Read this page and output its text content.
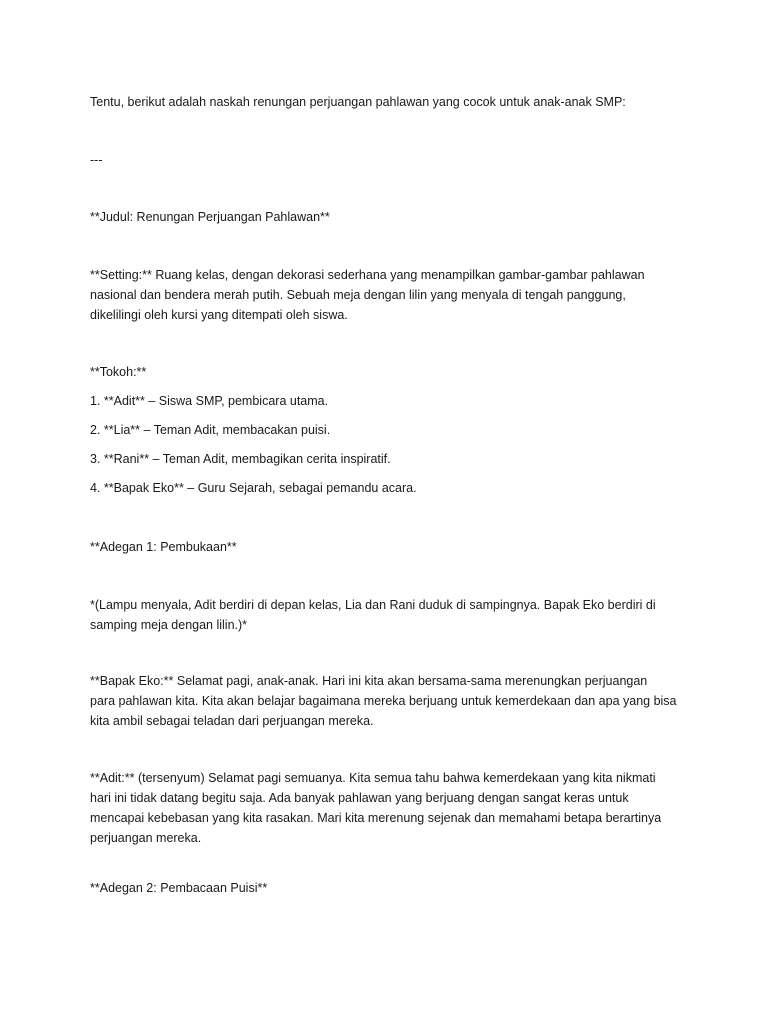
Tentu, berikut adalah naskah renungan perjuangan pahlawan yang cocok untuk anak-anak SMP:

---

**Judul: Renungan Perjuangan Pahlawan**

**Setting:** Ruang kelas, dengan dekorasi sederhana yang menampilkan gambar-gambar pahlawan
nasional dan bendera merah putih. Sebuah meja dengan lilin yang menyala di tengah panggung,
dikelilingi oleh kursi yang ditempati oleh siswa.

**Tokoh:**

1. **Adit** – Siswa SMP, pembicara utama.

2. **Lia** – Teman Adit, membacakan puisi.

3. **Rani** – Teman Adit, membagikan cerita inspiratif.

4. **Bapak Eko** – Guru Sejarah, sebagai pemandu acara.

**Adegan 1: Pembukaan**

*(Lampu menyala, Adit berdiri di depan kelas, Lia dan Rani duduk di sampingnya. Bapak Eko berdiri di
samping meja dengan lilin.)*

**Bapak Eko:** Selamat pagi, anak-anak. Hari ini kita akan bersama-sama merenungkan perjuangan
para pahlawan kita. Kita akan belajar bagaimana mereka berjuang untuk kemerdekaan dan apa yang bisa
kita ambil sebagai teladan dari perjuangan mereka.

**Adit:** (tersenyum) Selamat pagi semuanya. Kita semua tahu bahwa kemerdekaan yang kita nikmati
hari ini tidak datang begitu saja. Ada banyak pahlawan yang berjuang dengan sangat keras untuk
mencapai kebebasan yang kita rasakan. Mari kita merenung sejenak dan memahami betapa berartinya
perjuangan mereka.

**Adegan 2: Pembacaan Puisi**
